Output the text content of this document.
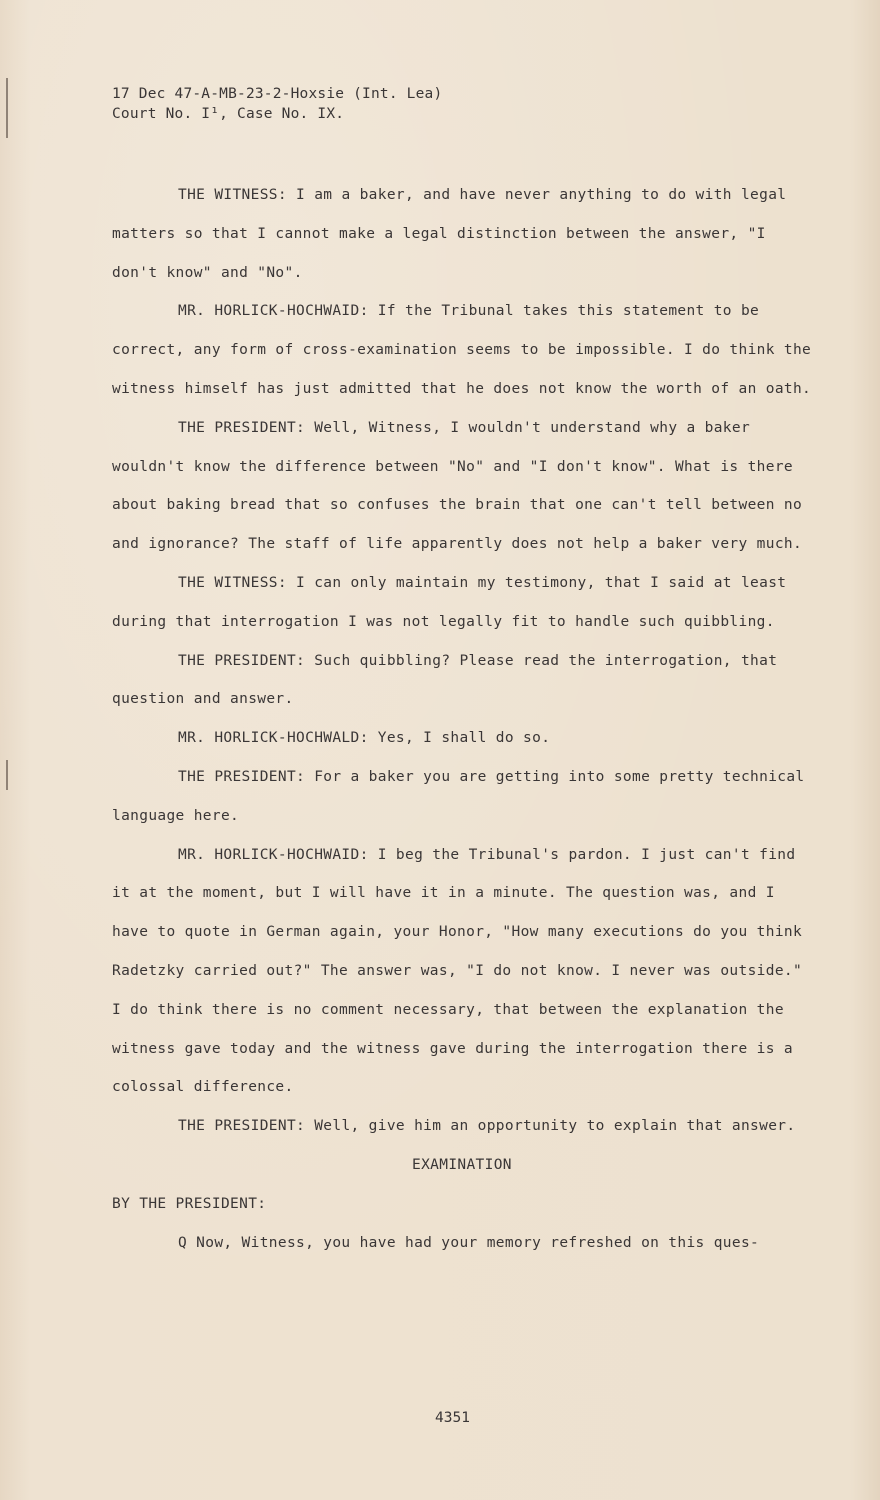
17 Dec 47-A-MB-23-2-Hoxsie (Int. Lea)
Court No. I¹, Case No. IX.

THE WITNESS: I am a baker, and have never anything to do with legal matters so that I cannot make a legal distinction between the answer, "I don't know" and "No".

MR. HORLICK-HOCHWAID: If the Tribunal takes this statement to be correct, any form of cross-examination seems to be impossible. I do think the witness himself has just admitted that he does not know the worth of an oath.

THE PRESIDENT: Well, Witness, I wouldn't understand why a baker wouldn't know the difference between "No" and "I don't know". What is there about baking bread that so confuses the brain that one can't tell between no and ignorance? The staff of life apparently does not help a baker very much.

THE WITNESS: I can only maintain my testimony, that I said at least during that interrogation I was not legally fit to handle such quibbling.

THE PRESIDENT: Such quibbling? Please read the interrogation, that question and answer.

MR. HORLICK-HOCHWALD: Yes, I shall do so.

THE PRESIDENT: For a baker you are getting into some pretty technical language here.

MR. HORLICK-HOCHWAID: I beg the Tribunal's pardon. I just can't find it at the moment, but I will have it in a minute. The question was, and I have to quote in German again, your Honor, "How many executions do you think Radetzky carried out?" The answer was, "I do not know. I never was outside." I do think there is no comment necessary, that between the explanation the witness gave today and the witness gave during the interrogation there is a colossal difference.

THE PRESIDENT: Well, give him an opportunity to explain that answer.

EXAMINATION

BY THE PRESIDENT:

Q Now, Witness, you have had your memory refreshed on this ques-

4351
